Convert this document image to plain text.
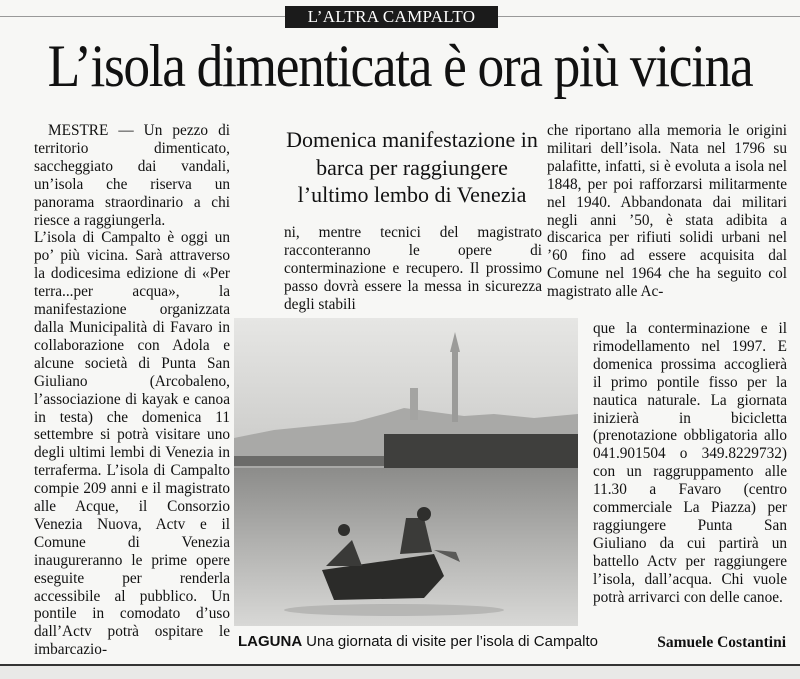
L’ALTRA CAMPALTO
L’isola dimenticata è ora più vicina

MESTRE — Un pezzo di territorio dimenticato, saccheggiato dai vandali, un’isola che riserva un panorama straordinario a chi riesce a raggiungerla.

L’isola di Campalto è oggi un po’ più vicina. Sarà attraverso la dodicesima edizione di «Per terra...per acqua», la manifestazione organizzata dalla Municipalità di Favaro in collaborazione con Adola e alcune società di Punta San Giuliano (Arcobaleno, l’associazione di kayak e canoa in testa) che domenica 11 settembre si potrà visitare uno degli ultimi lembi di Venezia in terraferma. L’isola di Campalto compie 209 anni e il magistrato alle Acque, il Consorzio Venezia Nuova, Actv e il Comune di Venezia inaugureranno le prime opere eseguite per renderla accessibile al pubblico. Un pontile in comodato d’uso dall’Actv potrà ospitare le imbarcazio-

Domenica manifestazione in barca per raggiungere l’ultimo lembo di Venezia
ni, mentre tecnici del magistrato racconteranno le opere di conterminazione e recupero. Il prossimo passo dovrà essere la messa in sicurezza degli stabili
che riportano alla memoria le origini militari dell’isola. Nata nel 1796 su palafitte, infatti, si è evoluta a isola nel 1848, per poi rafforzarsi militarmente nel 1940. Abbandonata dai militari negli anni ’50, è stata adibita a discarica per rifiuti solidi urbani nel ’60 fino ad essere acquisita dal Comune nel 1964 che ha seguito col magistrato alle Ac-
que la conterminazione e il rimodellamento nel 1997. E domenica prossima accoglierà il primo pontile fisso per la nautica naturale. La giornata inizierà in bicicletta (prenotazione obbligatoria allo 041.901504 o 349.8229732) con un raggruppamento alle 11.30 a Favaro (centro commerciale La Piazza) per raggiungere Punta San Giuliano da cui partirà un battello Actv per raggiungere l’isola, dall’acqua. Chi vuole potrà arrivarci con delle canoe.
LAGUNA Una giornata di visite per l’isola di Campalto	Samuele Costantini
